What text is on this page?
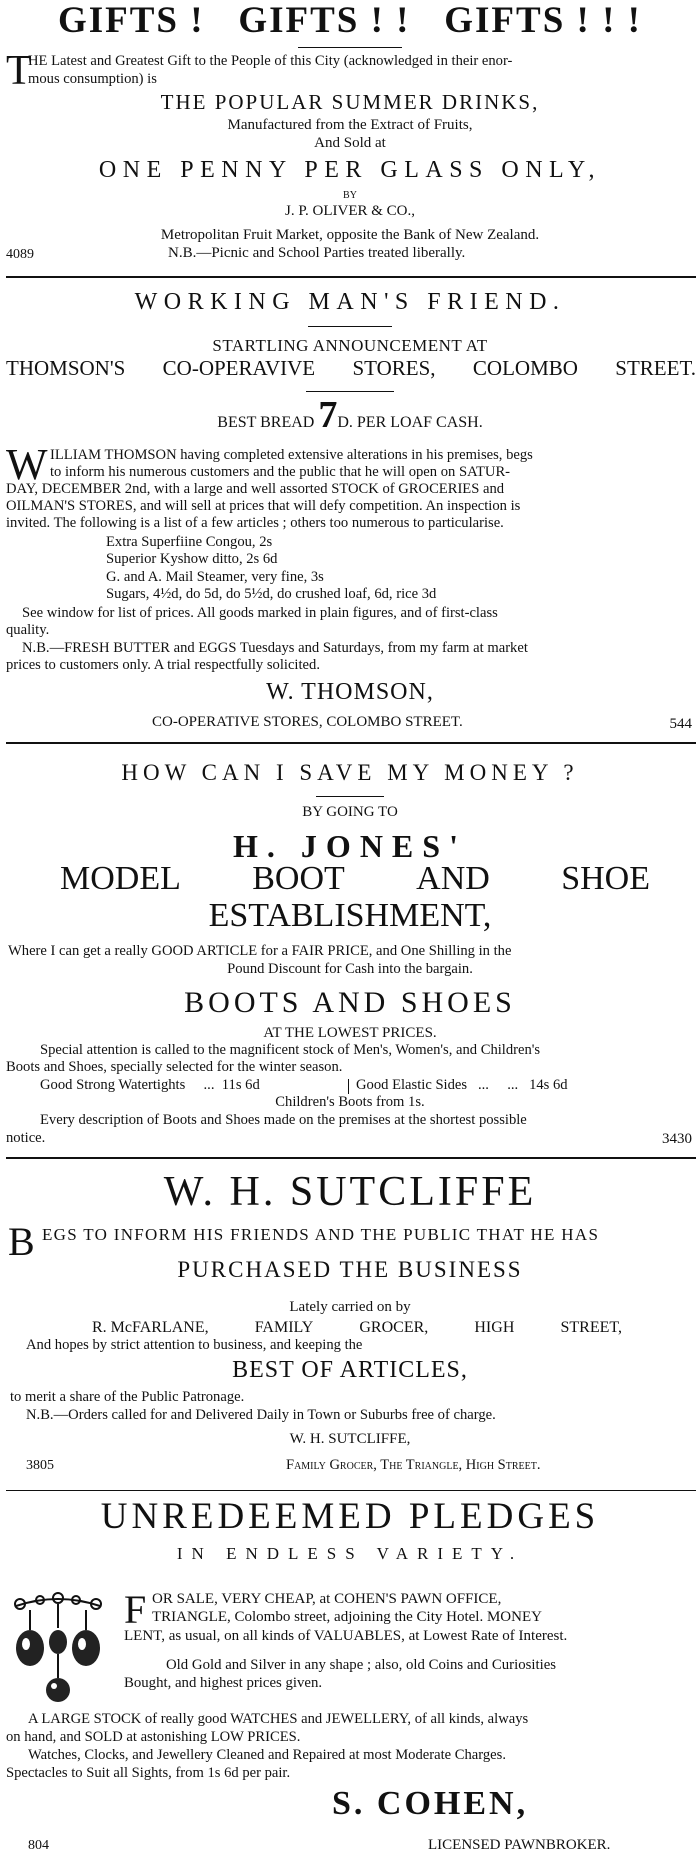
GIFTS !   GIFTS ! !   GIFTS ! ! !
T
HE Latest and Greatest Gift to the People of this City (acknowledged in their enor-
mous consumption) is
THE POPULAR SUMMER DRINKS,
Manufactured from the Extract of Fruits,
And Sold at
ONE PENNY PER GLASS ONLY,
BY
J. P. OLIVER & CO.,
Metropolitan Fruit Market, opposite the Bank of New Zealand.
4089	N.B.—Picnic and School Parties treated liberally.
WORKING MAN'S FRIEND.
STARTLING ANNOUNCEMENT AT
THOMSON'S CO-OPERAVIVE STORES, COLOMBO STREET.
BEST BREAD 7D. PER LOAF CASH.
W ILLIAM THOMSON having completed extensive alterations in his premises, begs
to inform his numerous customers and the public that he will open on SATUR-
DAY, DECEMBER 2nd, with a large and well assorted STOCK of GROCERIES and
OILMAN'S STORES, and will sell at prices that will defy competition. An inspection is
invited. The following is a list of a few articles ; others too numerous to particularise.
Extra Superfiine Congou, 2s
Superior Kyshow ditto, 2s 6d
G. and A. Mail Steamer, very fine, 3s
Sugars, 4½d, do 5d, do 5½d, do crushed loaf, 6d, rice 3d
See window for list of prices. All goods marked in plain figures, and of first-class
quality.
N.B.—FRESH BUTTER and EGGS Tuesdays and Saturdays, from my farm at market
prices to customers only. A trial respectfully solicited.
W. THOMSON,
CO-OPERATIVE STORES, COLOMBO STREET.	544
HOW CAN I SAVE MY MONEY ?
BY GOING TO
H. JONES'
MODEL BOOT AND SHOE
ESTABLISHMENT,
Where I can get a really GOOD ARTICLE for a FAIR PRICE, and One Shilling in the
Pound Discount for Cash into the bargain.
BOOTS AND SHOES
AT THE LOWEST PRICES.
Special attention is called to the magnificent stock of Men's, Women's, and Children's
Boots and Shoes, specially selected for the winter season.
Good Strong Watertights     ...  11s 6d	Good Elastic Sides   ...     ...   14s 6d
Children's Boots from 1s.
Every description of Boots and Shoes made on the premises at the shortest possible
notice.	3430
W. H. SUTCLIFFE
B EGS TO INFORM HIS FRIENDS AND THE PUBLIC THAT HE HAS
PURCHASED THE BUSINESS
Lately carried on by
R. McFARLANE,	FAMILY	GROCER,	HIGH	STREET,
And hopes by strict attention to business, and keeping the
BEST OF ARTICLES,
to merit a share of the Public Patronage.
N.B.—Orders called for and Delivered Daily in Town or Suburbs free of charge.
W. H. SUTCLIFFE,
3805	Family Grocer, The Triangle, High Street.
UNREDEEMED PLEDGES
IN ENDLESS VARIETY.
F OR SALE, VERY CHEAP, at COHEN'S PAWN OFFICE,
TRIANGLE, Colombo street, adjoining the City Hotel. MONEY
LENT, as usual, on all kinds of VALUABLES, at Lowest Rate of Interest.
Old Gold and Silver in any shape ; also, old Coins and Curiosities
Bought, and highest prices given.
A LARGE STOCK of really good WATCHES and JEWELLERY, of all kinds, always
on hand, and SOLD at astonishing LOW PRICES.
Watches, Clocks, and Jewellery Cleaned and Repaired at most Moderate Charges.
Spectacles to Suit all Sights, from 1s 6d per pair.
S. COHEN,
804	LICENSED PAWNBROKER.
